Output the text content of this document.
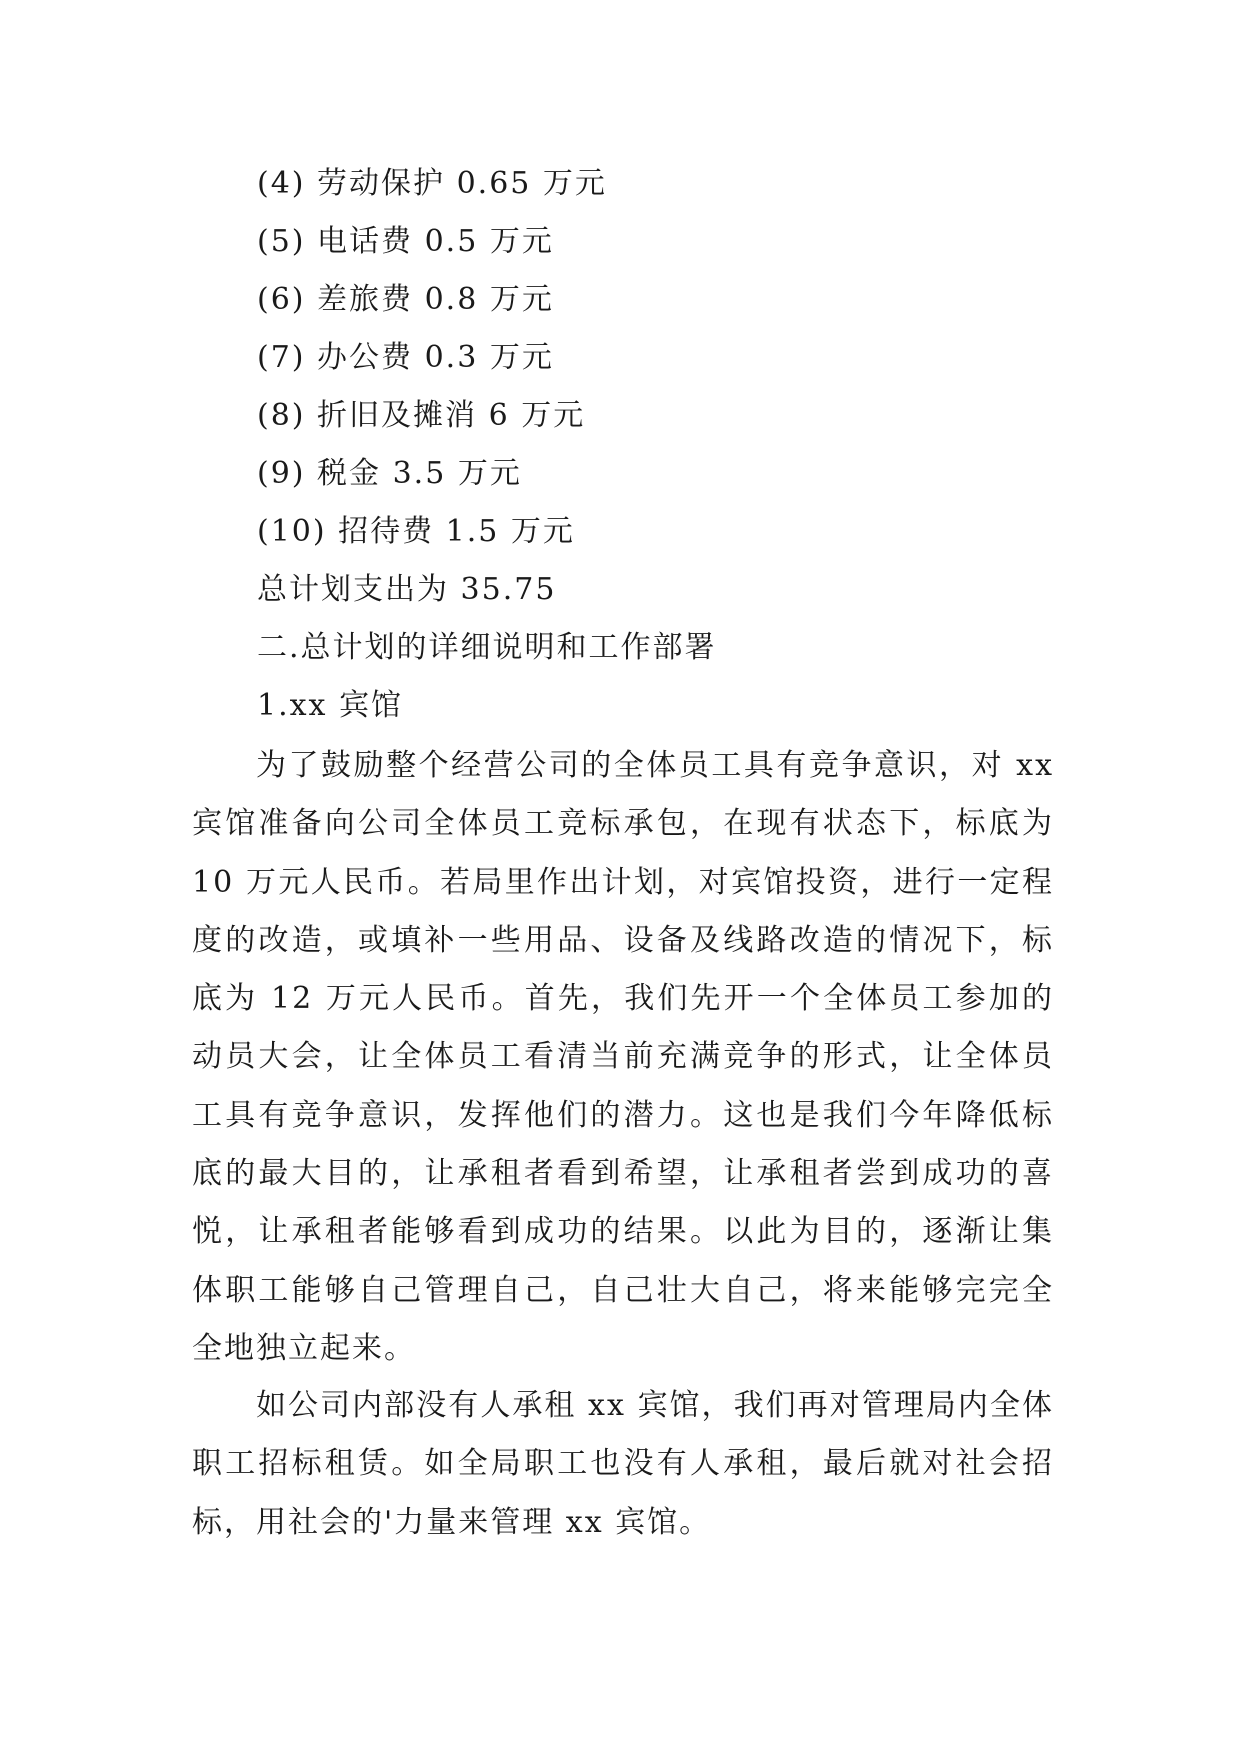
(4) 劳动保护 0.65 万元
(5) 电话费 0.5 万元
(6) 差旅费 0.8 万元
(7) 办公费 0.3 万元
(8) 折旧及摊消 6 万元
(9) 税金 3.5 万元
(10) 招待费 1.5 万元
总计划支出为 35.75
二.总计划的详细说明和工作部署
1.xx 宾馆

为了鼓励整个经营公司的全体员工具有竞争意识，对 xx 宾馆准备向公司全体员工竞标承包，在现有状态下，标底为 10 万元人民币。若局里作出计划，对宾馆投资，进行一定程度的改造，或填补一些用品、设备及线路改造的情况下，标底为 12 万元人民币。首先，我们先开一个全体员工参加的动员大会，让全体员工看清当前充满竞争的形式，让全体员工具有竞争意识，发挥他们的潜力。这也是我们今年降低标底的最大目的，让承租者看到希望，让承租者尝到成功的喜悦，让承租者能够看到成功的结果。以此为目的，逐渐让集体职工能够自己管理自己，自己壮大自己，将来能够完完全全地独立起来。

如公司内部没有人承租 xx 宾馆，我们再对管理局内全体职工招标租赁。如全局职工也没有人承租，最后就对社会招标，用社会的'力量来管理 xx 宾馆。
